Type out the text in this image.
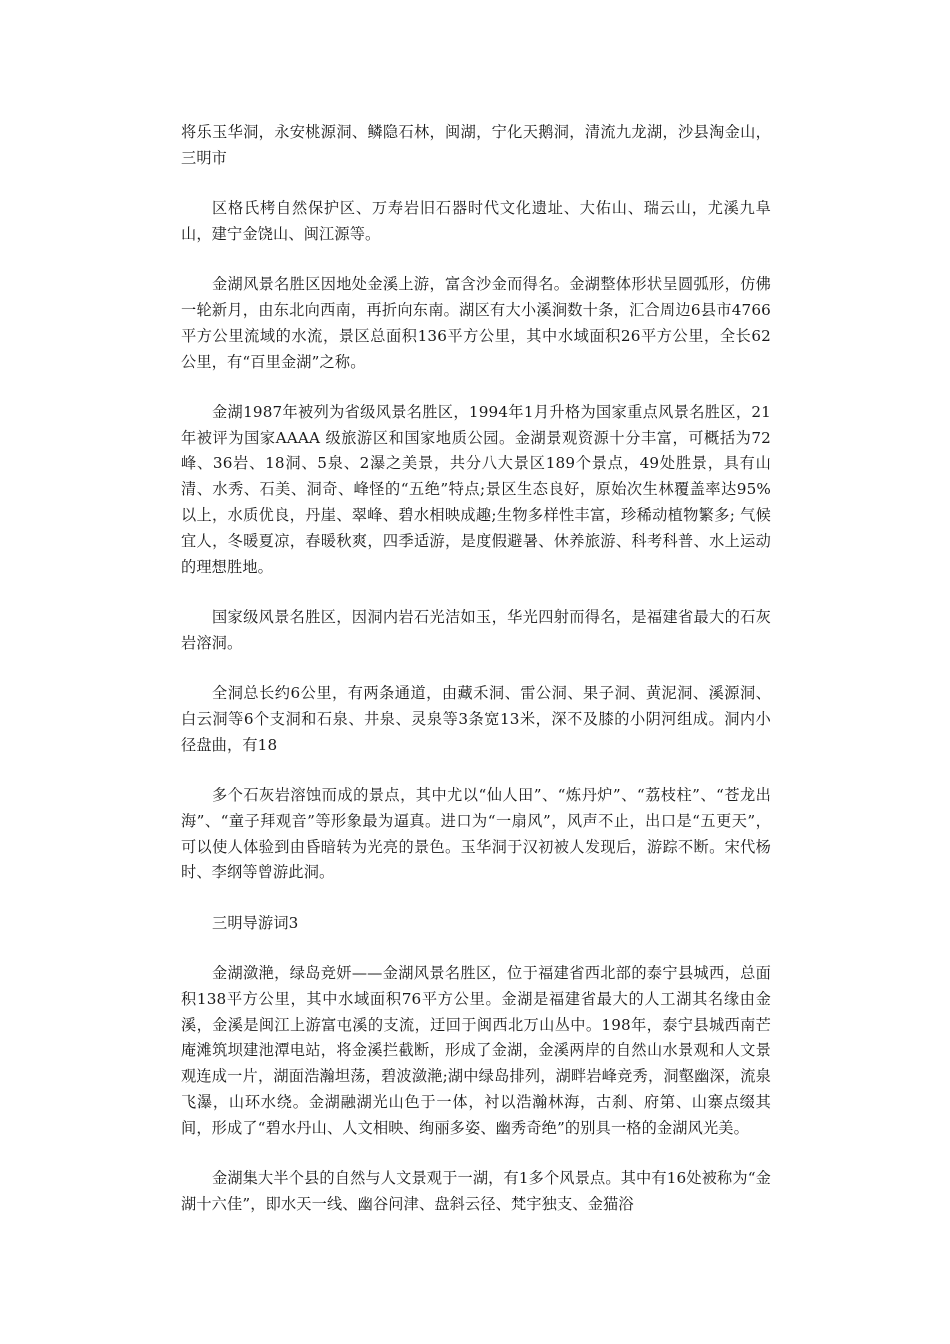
将乐玉华洞，永安桃源洞、鳞隐石林，闽湖，宁化天鹅洞，清流九龙湖，沙县淘金山，三明市

区格氏栲自然保护区、万寿岩旧石器时代文化遗址、大佑山、瑞云山，尤溪九阜山，建宁金饶山、闽江源等。

金湖风景名胜区因地处金溪上游，富含沙金而得名。金湖整体形状呈圆弧形，仿佛一轮新月，由东北向西南，再折向东南。湖区有大小溪涧数十条，汇合周边6县市4766平方公里流域的水流，景区总面积136平方公里，其中水域面积26平方公里，全长62公里，有“百里金湖”之称。

金湖1987年被列为省级风景名胜区，1994年1月升格为国家重点风景名胜区，21年被评为国家AAAA 级旅游区和国家地质公园。金湖景观资源十分丰富，可概括为72峰、36岩、18洞、5泉、2瀑之美景，共分八大景区189个景点，49处胜景，具有山清、水秀、石美、洞奇、峰怪的“五绝”特点;景区生态良好，原始次生林覆盖率达95% 以上，水质优良，丹崖、翠峰、碧水相映成趣;生物多样性丰富，珍稀动植物繁多; 气候宜人，冬暖夏凉，春暖秋爽，四季适游，是度假避暑、休养旅游、科考科普、水上运动的理想胜地。

国家级风景名胜区，因洞内岩石光洁如玉，华光四射而得名，是福建省最大的石灰岩溶洞。

全洞总长约6公里，有两条通道，由藏禾洞、雷公洞、果子洞、黄泥洞、溪源洞、白云洞等6个支洞和石泉、井泉、灵泉等3条宽13米，深不及膝的小阴河组成。洞内小径盘曲，有18

多个石灰岩溶蚀而成的景点，其中尤以“仙人田”、“炼丹炉”、“荔枝柱”、“苍龙出海”、“童子拜观音”等形象最为逼真。进口为“一扇风”，风声不止，出口是“五更天”，可以使人体验到由昏暗转为光亮的景色。玉华洞于汉初被人发现后，游踪不断。宋代杨时、李纲等曾游此洞。

三明导游词3

金湖潋滟，绿岛竞妍——金湖风景名胜区，位于福建省西北部的泰宁县城西，总面积138平方公里，其中水域面积76平方公里。金湖是福建省最大的人工湖其名缘由金溪，金溪是闽江上游富屯溪的支流，迂回于闽西北万山丛中。198年，泰宁县城西南芒庵滩筑坝建池潭电站，将金溪拦截断，形成了金湖，金溪两岸的自然山水景观和人文景观连成一片，湖面浩瀚坦荡，碧波潋滟;湖中绿岛排列，湖畔岩峰竞秀，洞壑幽深，流泉飞瀑，山环水绕。金湖融湖光山色于一体，衬以浩瀚林海，古刹、府第、山寨点缀其间，形成了“碧水丹山、人文相映、绚丽多姿、幽秀奇绝”的别具一格的金湖风光美。

金湖集大半个县的自然与人文景观于一湖，有1多个风景点。其中有16处被称为“金湖十六佳”，即水天一线、幽谷问津、盘斜云径、梵宇独支、金猫浴
